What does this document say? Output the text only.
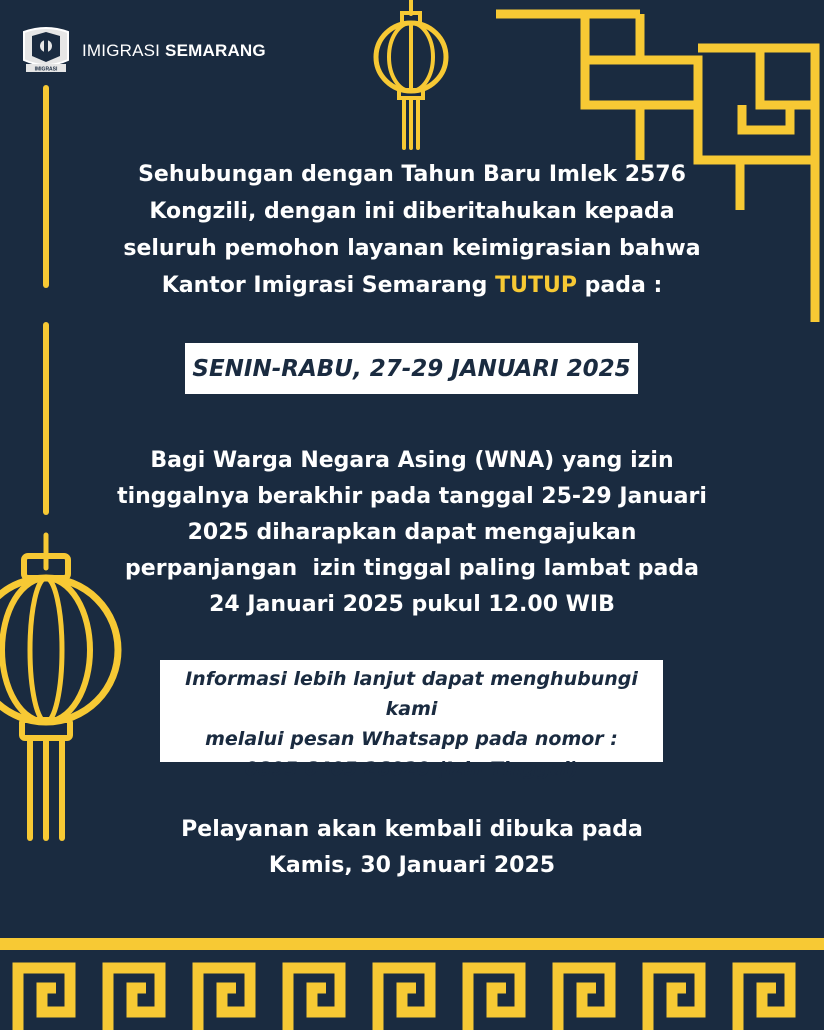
IMIGRASI
IMIGRASI SEMARANG
Sehubungan dengan Tahun Baru Imlek 2576
Kongzili, dengan ini diberitahukan kepada
seluruh pemohon layanan keimigrasian bahwa
Kantor Imigrasi Semarang TUTUP pada :
SENIN-RABU, 27-29 JANUARI 2025
Bagi Warga Negara Asing (WNA) yang izin
tinggalnya berakhir pada tanggal 25-29 Januari
2025 diharapkan dapat mengajukan
perpanjangan  izin tinggal paling lambat pada
24 Januari 2025 pukul 12.00 WIB
Informasi lebih lanjut dapat menghubungi kami
melalui pesan Whatsapp pada nomor :
0895 6405 26020 (Izin Tinggal)
Pelayanan akan kembali dibuka pada
Kamis, 30 Januari 2025
